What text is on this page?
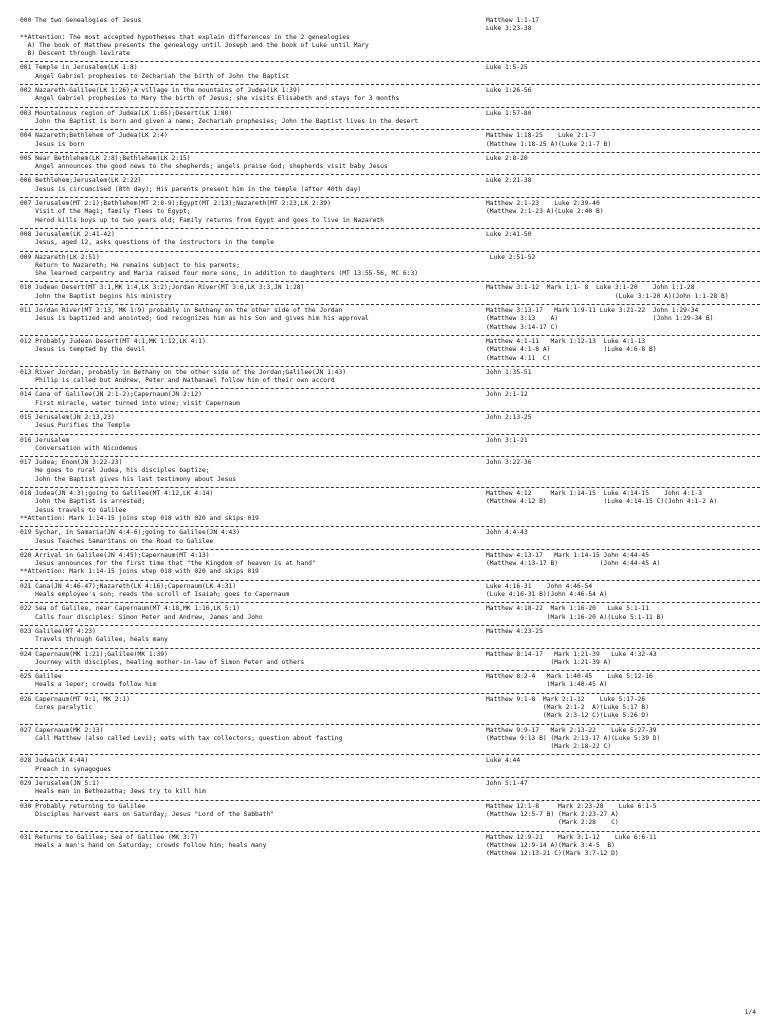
000 The two Genealogies of Jesus	Matthew 1:1-17
Luke 3:23-38
**Attention: The most accepted hypotheses that explain differences in the 2 genealogies
A) The book of Matthew presents the genealogy until Joseph and the book of Luke until Mary
B) Descent through levirate
001 Temple in Jerusalem(LK 1:8)	Luke 1:5-25
Angel Gabriel prophesies to Zechariah the birth of John the Baptist
002 Nazareth-Galilee(LK 1:26);A village in the mountains of Judea(LK 1:39)	Luke 1:26-56
Angel Gabriel prophesies to Mary the birth of Jesus; she visits Elisabeth and stays for 3 months
003 Mountainous region of Judea(LK 1:65);Desert(LK 1:80)	Luke 1:57-80
John the Baptist is born and given a name; Zechariah prophesies; John the Baptist lives in the desert
004 Nazareth;Bethlehem of Judea(LK 2:4)	Matthew 1:18-25    Luke 2:1-7
Jesus is born	(Matthew 1:18-25 A)(Luke 2:1-7 B)
005 Near Bethlehem(LK 2:8);Bethlehem(LK 2:15)	Luke 2:8-20
Angel announces the good news to the shepherds; angels praise God; shepherds visit baby Jesus
006 Bethlehem;Jerusalem(LK 2:22)	Luke 2:21-38
Jesus is circumcised (8th day); His parents present him in the temple (after 40th day)
007 Jerusalem(MT 2:1);Bethlehem(MT 2:8-9);Egypt(MT 2:13);Nazareth(MT 2:23,LK 2:39)	Matthew 2:1-23    Luke 2:39-40
Visit of the Magi; family flees to Egypt;	(Matthew 2:1-23 A)(Luke 2:40 B)
Herod kills boys up to two years old; Family returns from Egypt and goes to live in Nazareth
008 Jerusalem(LK 2:41-42)	Luke 2:41-50
Jesus, aged 12, asks questions of the instructors in the temple
009 Nazareth(LK 2:51)	Luke 2:51-52
Return to Nazareth; He remains subject to his parents;
She learned carpentry and Maria raised four more sons, in addition to daughters (MT 13:55-56, MC 6:3)
010 Judean Desert(MT 3:1,MK 1:4,LK 3:2);Jordan River(MT 3:6,LK 3:3,JN 1:28)	Matthew 3:1-12  Mark 1:1- 8  Luke 3:1-20    John 1:1-28
John the Baptist begins his ministry	(Luke 3:1-20 A)(John 1:1-28 B)
011 Jordan River(MT 3:13, MK 1:9) probably in Bethany on the other side of the Jordan	Matthew 3:13-17   Mark 1:9-11 Luke 3:21-22  John 1:29-34
Jesus is baptized and anointed; God recognizes him as his Son and gives him his approval	(Matthew 3:13    A)                         (John 1:29-34 B)
(Matthew 3:14-17 C)
012 Probably Judean Desert(MT 4:1,MK 1:12,LK 4:1)	Matthew 4:1-11   Mark 1:12-13  Luke 4:1-13
Jesus is tempted by the devil	(Matthew 4:1-8 A)              (Luke 4:6-8 B)
(Matthew 4:11  C)
013 River Jordan, probably in Bethany on the other side of the Jordan;Galilee(JN 1:43)	John 1:35-51
Philip is called but Andrew, Peter and Nathanael follow him of their own accord
014 Cana of Galilee(JN 2:1-2);Capernaum(JN 2:12)	John 2:1-12
First miracle, water turned into wine; visit Capernaum
015 Jerusalem(JN 2:13,23)	John 2:13-25
Jesus Purifies the Temple
016 Jerusalem	John 3:1-21
Conversation with Nicodemus
017 Judea; Enom(JN 3:22-23)	John 3:22-36
He goes to rural Judea, his disciples baptize;
John the Baptist gives his last testimony about Jesus
018 Judea(JN 4:3);going to Galilee(MT 4:12,LK 4:14)	Matthew 4:12     Mark 1:14-15  Luke 4:14-15    John 4:1-3
John the Baptist is arrested;	(Matthew 4:12 B)               (Luke 4:14-15 C)(John 4:1-2 A)
Jesus travels to Galilee
**Attention: Mark 1:14-15 joins step 018 with 020 and skips 019
019 Sychar, in Samaria(JN 4:4-6);going to Galilee(JN 4:43)	John 4:4-43
Jesus Teaches Samaritans on the Road to Galilee
020 Arrival in Galilee(JN 4:45);Capernaum(MT 4:13)	Matthew 4:13-17   Mark 1:14-15 John 4:44-45
Jesus announces for the first time that "the Kingdom of heaven is at hand"	(Matthew 4:13-17 B)           (John 4:44-45 A)
**Attention: Mark 1:14-15 joins step 018 with 020 and skips 019
021 Cana(JN 4:46-47);Nazareth(LK 4:16);Capernaum(LK 4:31)	Luke 4:16-31    John 4:46-54
Heals employee's son; reads the scroll of Isaiah; goes to Capernaum	(Luke 4:16-31 B)(John 4:46-54 A)
022 Sea of Galilee, near Capernaum(MT 4:18,MK 1:16,LK 5:1)	Matthew 4:18-22  Mark 1:16-20   Luke 5:1-11
Calls four disciples: Simon Peter and Andrew, James and John	(Mark 1:16-20 A)(Luke 5:1-11 B)
023 Galilee(MT 4:23)	Matthew 4:23-25
Travels through Galilee, heals many
024 Capernaum(MK 1:21);Galilee(MK 1:39)	Matthew 8:14-17   Mark 1:21-39   Luke 4:32-43
Journey with disciples, healing mother-in-law of Simon Peter and others	(Mark 1:21-39 A)
025 Galilee	Matthew 8:2-4   Mark 1:40-45    Luke 5:12-16
Heals a leper; crowds follow him	(Mark 1:40-45 A)
026 Capernaum(MT 9:1, MK 2:1)	Matthew 9:1-8  Mark 2:1-12    Luke 5:17-26
Cures paralytic	(Mark 2:1-2  A)(Luke 5:17 B)
(Mark 2:3-12 C)(Luke 5:26 D)
027 Capernaum(MK 2:13)	Matthew 9:9-17   Mark 2:13-22    Luke 5:27-39
Call Matthew (also called Levi); eats with tax collectors; question about fasting	(Matthew 9:13 B) (Mark 2:13-17 A)(Luke 5:39 D)
(Mark 2:18-22 C)
028 Judea(LK 4:44)	Luke 4:44
Preach in synagogues
029 Jerusalem(JN 5:1)	John 5:1-47
Heals man in Bethezatha; Jews try to kill him
030 Probably returning to Galilee	Matthew 12:1-8     Mark 2:23-28    Luke 6:1-5
Disciples harvest ears on Saturday; Jesus "Lord of the Sabbath"	(Matthew 12:5-7 B) (Mark 2:23-27 A)
(Mark 2:28    C)
031 Returns to Galilee; Sea of Galilee (MK 3:7)	Matthew 12:9-21    Mark 3:1-12    Luke 6:6-11
Heals a man's hand on Saturday; crowds follow him; heals many	(Matthew 12:9-14 A)(Mark 3:4-5  B)
(Matthew 12:13-21 C)(Mark 3:7-12 D)
1/4
